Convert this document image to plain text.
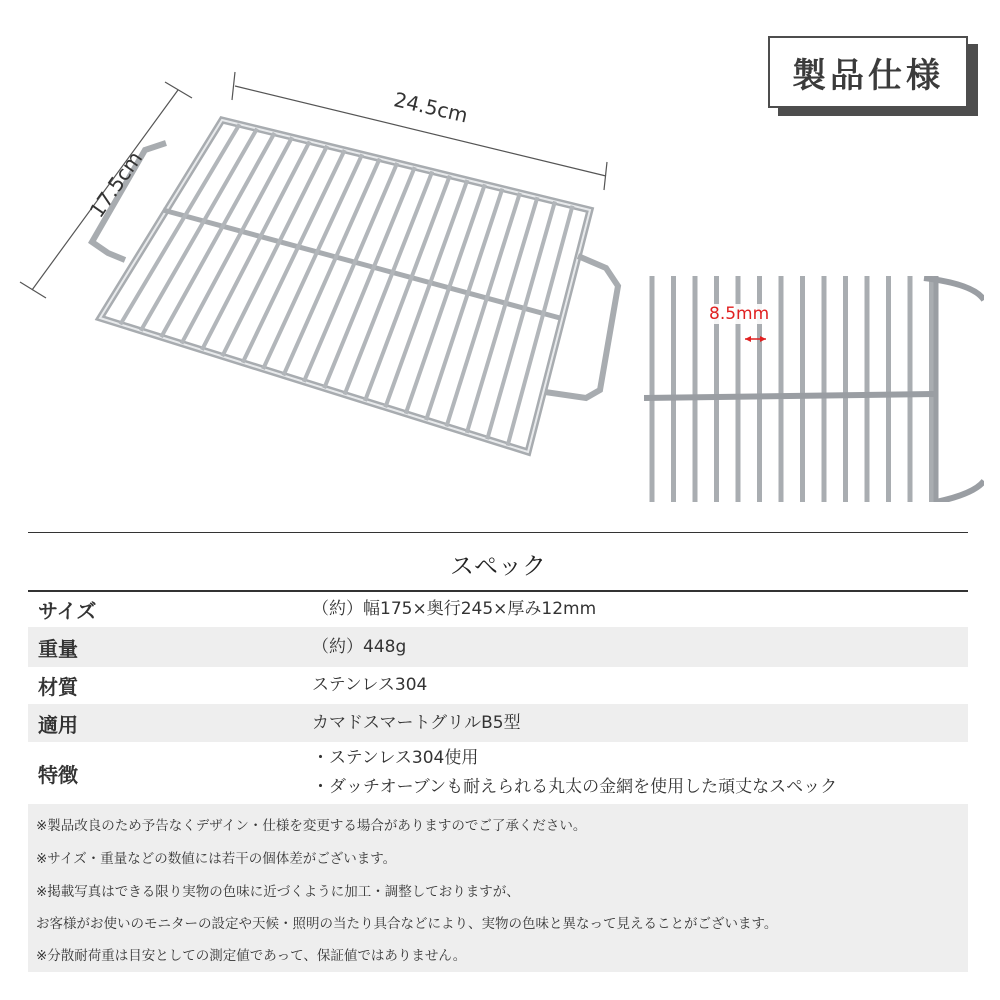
製品仕様
24.5cm
17.5cm
8.5mm
スペック
サイズ	（約）幅175×奥行245×厚み12mm
重量	（約）448g
材質	ステンレス304
適用	カマドスマートグリルB5型
特徴
・ステンレス304使用
・ダッチオーブンも耐えられる丸太の金網を使用した頑丈なスペック
※製品改良のため予告なくデザイン・仕様を変更する場合がありますのでご了承ください。
※サイズ・重量などの数値には若干の個体差がございます。
※掲載写真はできる限り実物の色味に近づくように加工・調整しておりますが、
お客様がお使いのモニターの設定や天候・照明の当たり具合などにより、実物の色味と異なって見えることがございます。
※分散耐荷重は目安としての測定値であって、保証値ではありません。
